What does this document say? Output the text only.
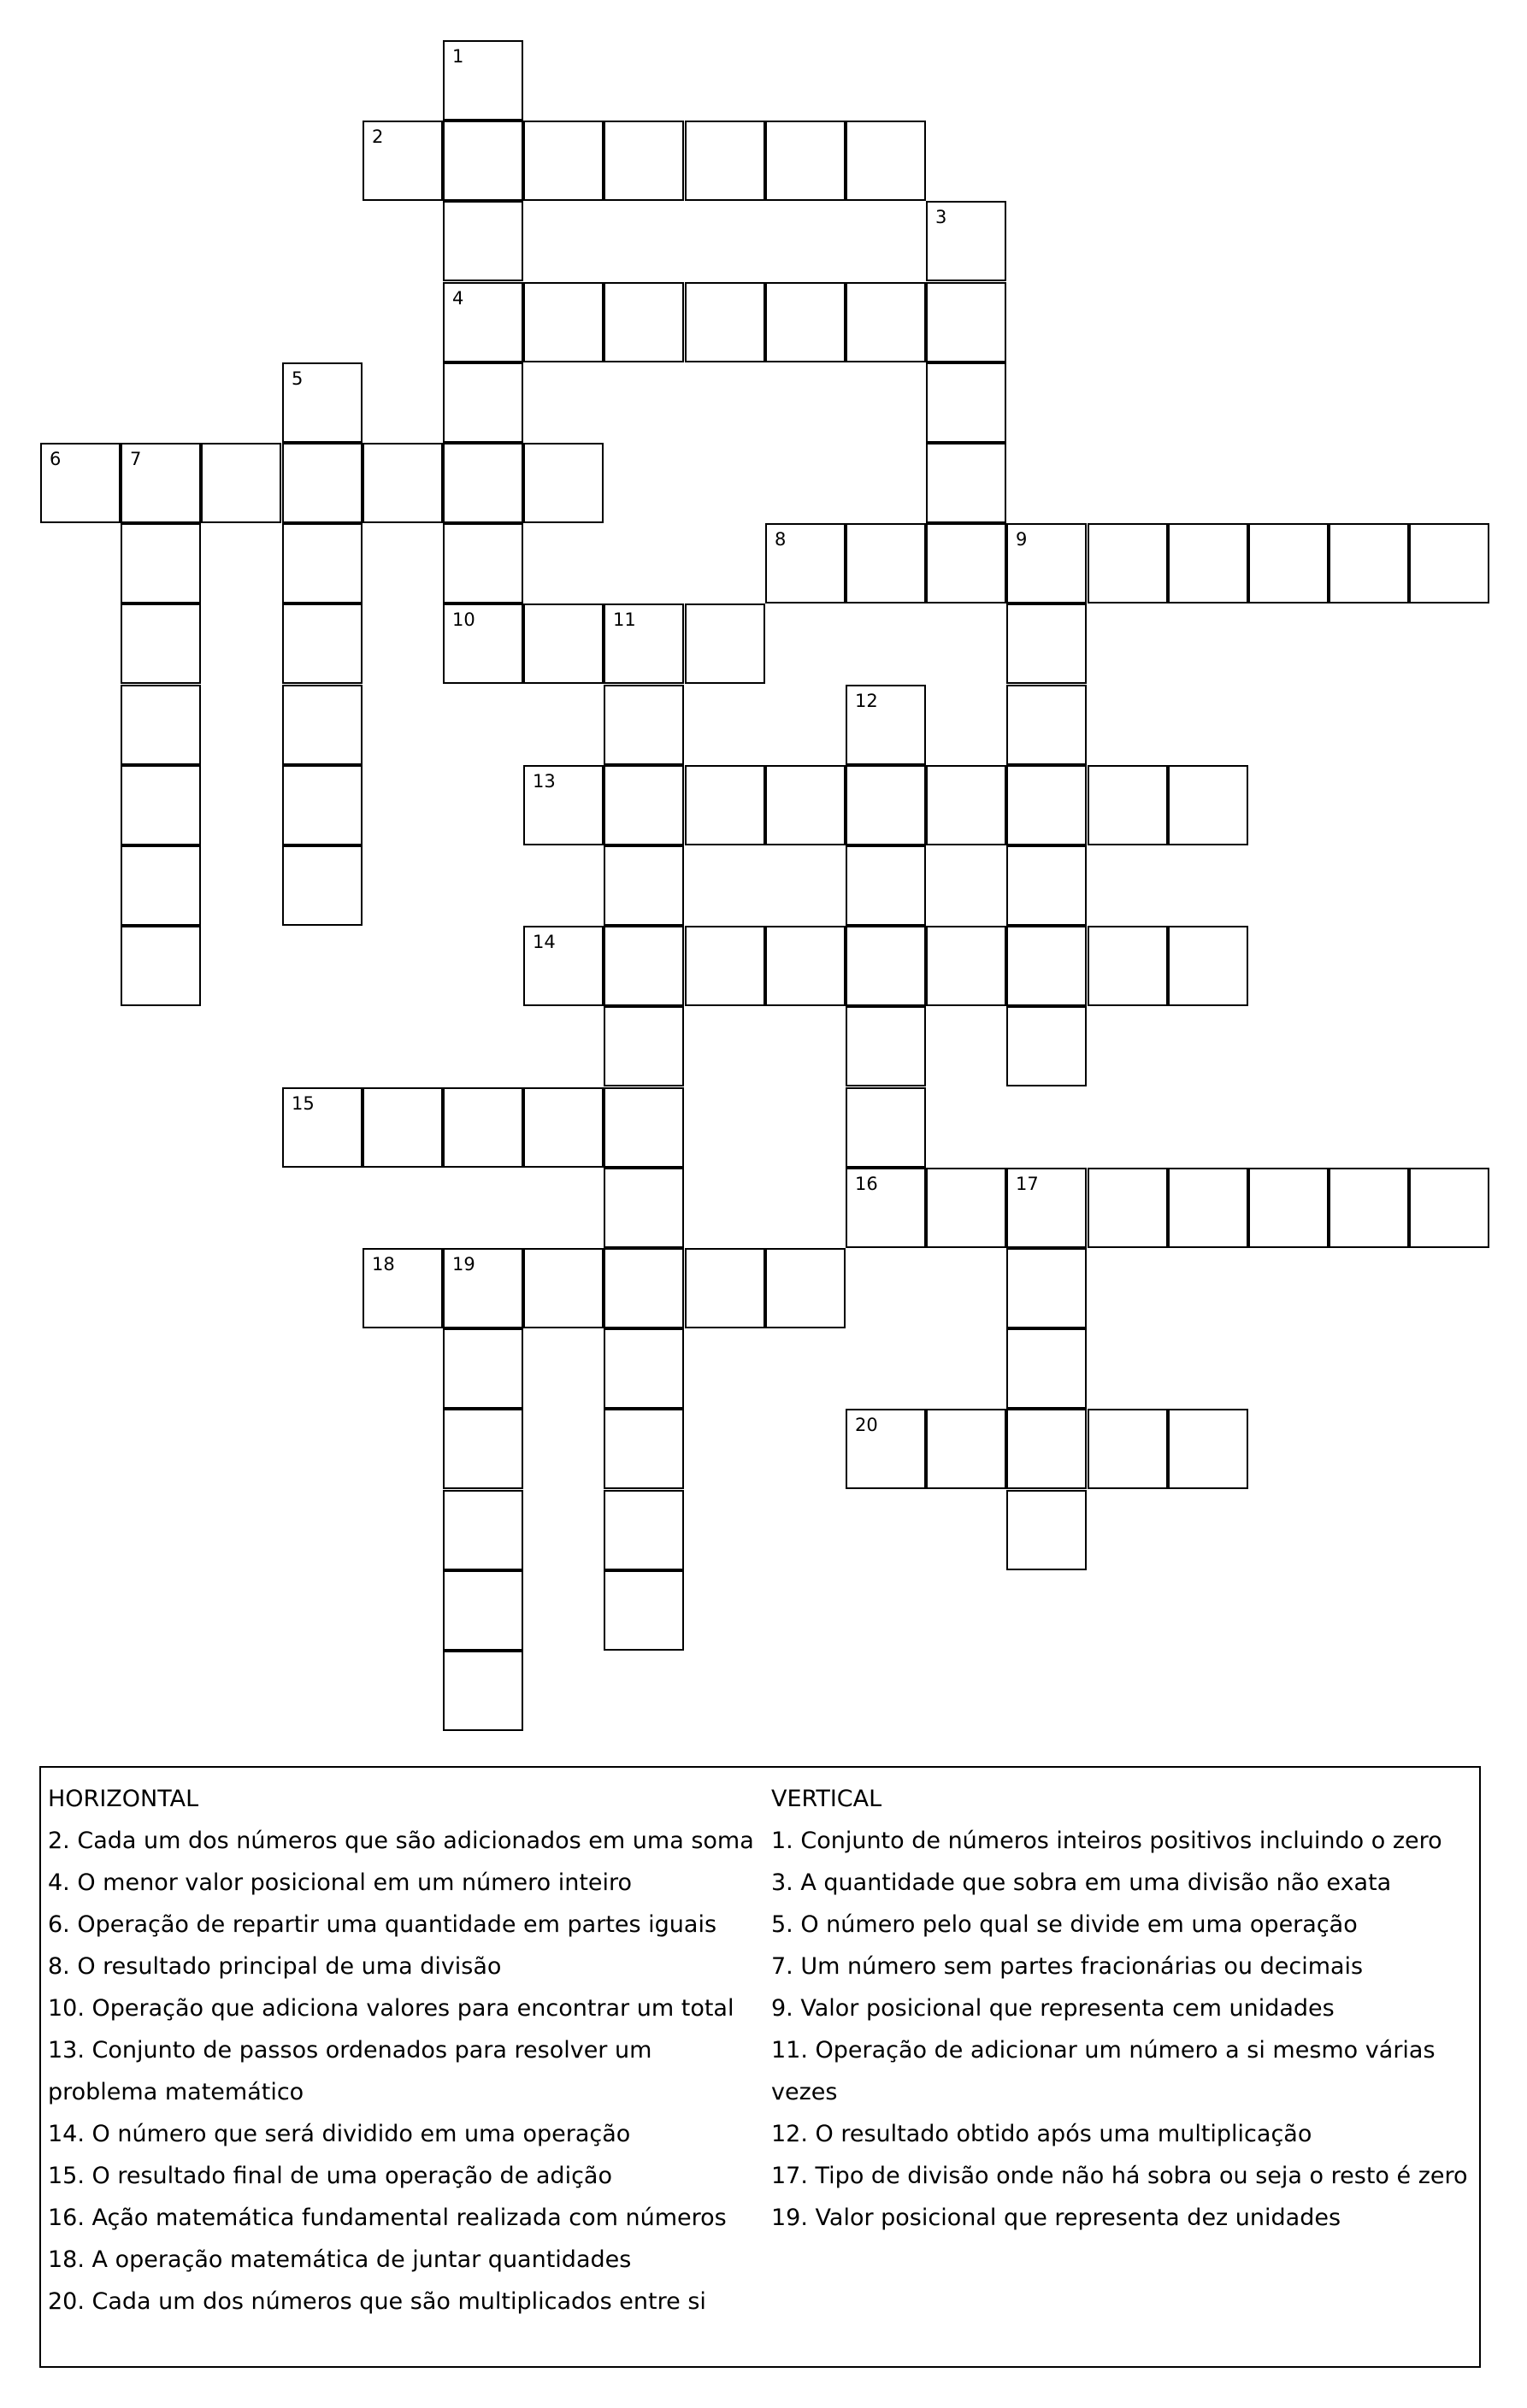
1
2
3
4
5
6	7
8	9
10	11
12
13
14
15
16	17
18	19
20
HORIZONTAL
2. Cada um dos números que são adicionados em uma soma
4. O menor valor posicional em um número inteiro
6. Operação de repartir uma quantidade em partes iguais
8. O resultado principal de uma divisão
10. Operação que adiciona valores para encontrar um total
13. Conjunto de passos ordenados para resolver um problema matemático
14. O número que será dividido em uma operação
15. O resultado final de uma operação de adição
16. Ação matemática fundamental realizada com números
18. A operação matemática de juntar quantidades
20. Cada um dos números que são multiplicados entre si
VERTICAL
1. Conjunto de números inteiros positivos incluindo o zero
3. A quantidade que sobra em uma divisão não exata
5. O número pelo qual se divide em uma operação
7. Um número sem partes fracionárias ou decimais
9. Valor posicional que representa cem unidades
11. Operação de adicionar um número a si mesmo várias vezes
12. O resultado obtido após uma multiplicação
17. Tipo de divisão onde não há sobra ou seja o resto é zero
19. Valor posicional que representa dez unidades
